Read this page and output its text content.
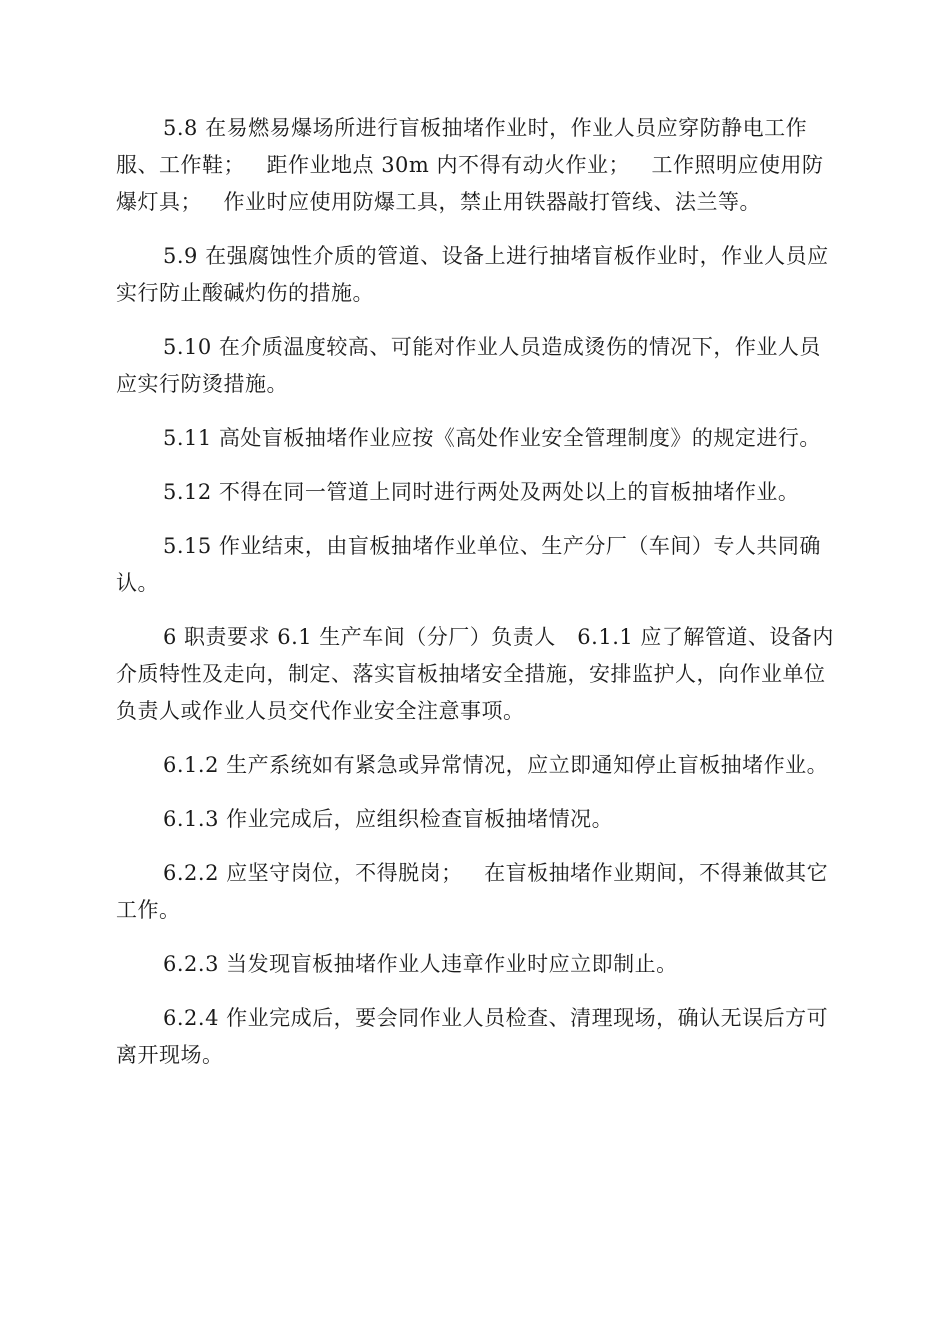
5.8 在易燃易爆场所进行盲板抽堵作业时，作业人员应穿防静电工作服、工作鞋；   距作业地点 30m 内不得有动火作业；   工作照明应使用防爆灯具；   作业时应使用防爆工具，禁止用铁器敲打管线、法兰等。

5.9 在强腐蚀性介质的管道、设备上进行抽堵盲板作业时，作业人员应实行防止酸碱灼伤的措施。

5.10 在介质温度较高、可能对作业人员造成烫伤的情况下，作业人员应实行防烫措施。

5.11 高处盲板抽堵作业应按《高处作业安全管理制度》的规定进行。

5.12 不得在同一管道上同时进行两处及两处以上的盲板抽堵作业。

5.15 作业结束，由盲板抽堵作业单位、生产分厂（车间）专人共同确认。

6 职责要求 6.1 生产车间（分厂）负责人   6.1.1 应了解管道、设备内介质特性及走向，制定、落实盲板抽堵安全措施，安排监护人，向作业单位负责人或作业人员交代作业安全注意事项。

6.1.2 生产系统如有紧急或异常情况，应立即通知停止盲板抽堵作业。

6.1.3 作业完成后，应组织检查盲板抽堵情况。

6.2.2 应坚守岗位，不得脱岗；   在盲板抽堵作业期间，不得兼做其它工作。

6.2.3 当发现盲板抽堵作业人违章作业时应立即制止。

6.2.4 作业完成后，要会同作业人员检查、清理现场，确认无误后方可离开现场。
